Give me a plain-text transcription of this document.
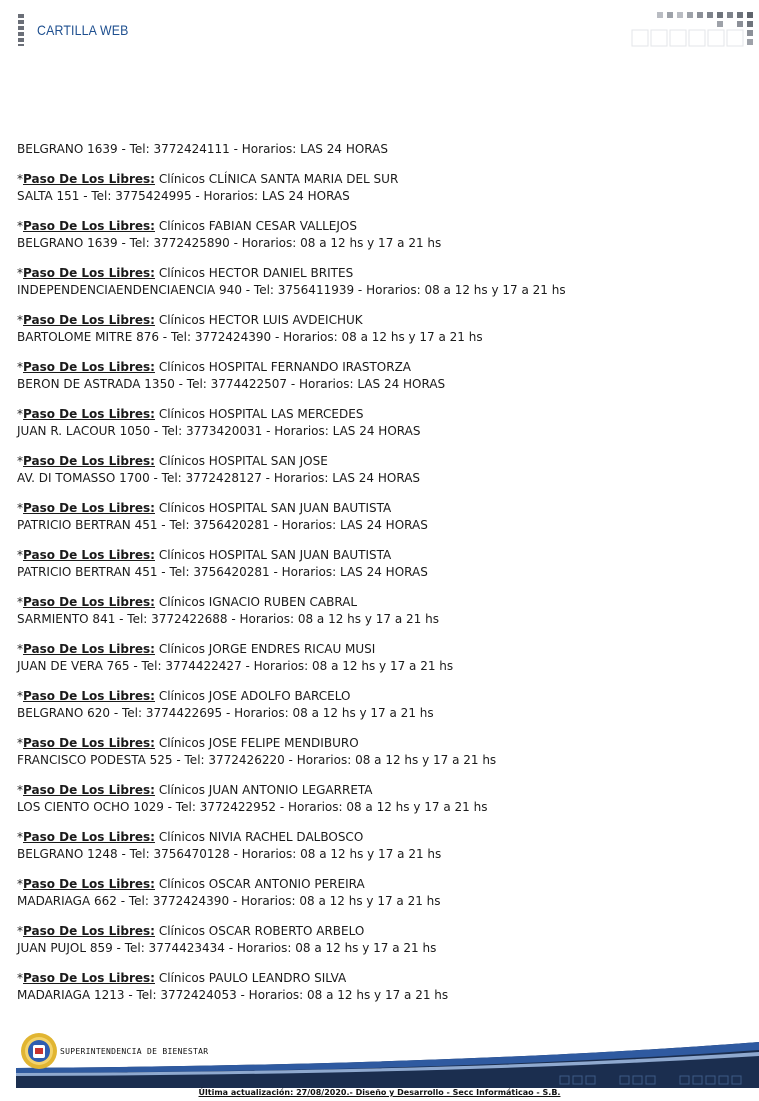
CARTILLA WEB
BELGRANO 1639 - Tel: 3772424111 - Horarios: LAS 24 HORAS
*Paso De Los Libres: Clínicos CLÍNICA SANTA MARIA DEL SUR
SALTA 151 - Tel: 3775424995 - Horarios: LAS 24 HORAS
*Paso De Los Libres: Clínicos FABIAN CESAR VALLEJOS
BELGRANO 1639 - Tel: 3772425890 - Horarios: 08 a 12 hs y 17 a 21 hs
*Paso De Los Libres: Clínicos HECTOR DANIEL BRITES
INDEPENDENCIAENDENCIAENCIA 940 - Tel: 3756411939 - Horarios: 08 a 12 hs y 17 a 21 hs
*Paso De Los Libres: Clínicos HECTOR LUIS AVDEICHUK
BARTOLOME MITRE 876 - Tel: 3772424390 - Horarios: 08 a 12 hs y 17 a 21 hs
*Paso De Los Libres: Clínicos HOSPITAL FERNANDO IRASTORZA
BERON DE ASTRADA 1350 - Tel: 3774422507 - Horarios: LAS 24 HORAS
*Paso De Los Libres: Clínicos HOSPITAL LAS MERCEDES
JUAN R. LACOUR 1050 - Tel: 3773420031 - Horarios: LAS 24 HORAS
*Paso De Los Libres: Clínicos HOSPITAL SAN JOSE
AV. DI TOMASSO 1700 - Tel: 3772428127 - Horarios: LAS 24 HORAS
*Paso De Los Libres: Clínicos HOSPITAL SAN JUAN BAUTISTA
PATRICIO BERTRAN 451 - Tel: 3756420281 - Horarios: LAS 24 HORAS
*Paso De Los Libres: Clínicos HOSPITAL SAN JUAN BAUTISTA
PATRICIO BERTRAN 451 - Tel: 3756420281 - Horarios: LAS 24 HORAS
*Paso De Los Libres: Clínicos IGNACIO RUBEN CABRAL
SARMIENTO 841 - Tel: 3772422688 - Horarios: 08 a 12 hs y 17 a 21 hs
*Paso De Los Libres: Clínicos JORGE ENDRES RICAU MUSI
JUAN DE VERA 765 - Tel: 3774422427 - Horarios: 08 a 12 hs y 17 a 21 hs
*Paso De Los Libres: Clínicos JOSE ADOLFO BARCELO
BELGRANO 620 - Tel: 3774422695 - Horarios: 08 a 12 hs y 17 a 21 hs
*Paso De Los Libres: Clínicos JOSE FELIPE MENDIBURO
FRANCISCO PODESTA 525 - Tel: 3772426220 - Horarios: 08 a 12 hs y 17 a 21 hs
*Paso De Los Libres: Clínicos JUAN ANTONIO LEGARRETA
LOS CIENTO OCHO 1029 - Tel: 3772422952 - Horarios: 08 a 12 hs y 17 a 21 hs
*Paso De Los Libres: Clínicos NIVIA RACHEL DALBOSCO
BELGRANO 1248 - Tel: 3756470128 - Horarios: 08 a 12 hs y 17 a 21 hs
*Paso De Los Libres: Clínicos OSCAR ANTONIO PEREIRA
MADARIAGA 662 - Tel: 3772424390 - Horarios: 08 a 12 hs y 17 a 21 hs
*Paso De Los Libres: Clínicos OSCAR ROBERTO ARBELO
JUAN PUJOL 859 - Tel: 3774423434 - Horarios: 08 a 12 hs y 17 a 21 hs
*Paso De Los Libres: Clínicos PAULO LEANDRO SILVA
MADARIAGA 1213 - Tel: 3772424053 - Horarios: 08 a 12 hs y 17 a 21 hs
SUPERINTENDENCIA DE BIENESTAR
Última actualización: 27/08/2020.- Diseño y Desarrollo - Secc Informáticao - S.B.
